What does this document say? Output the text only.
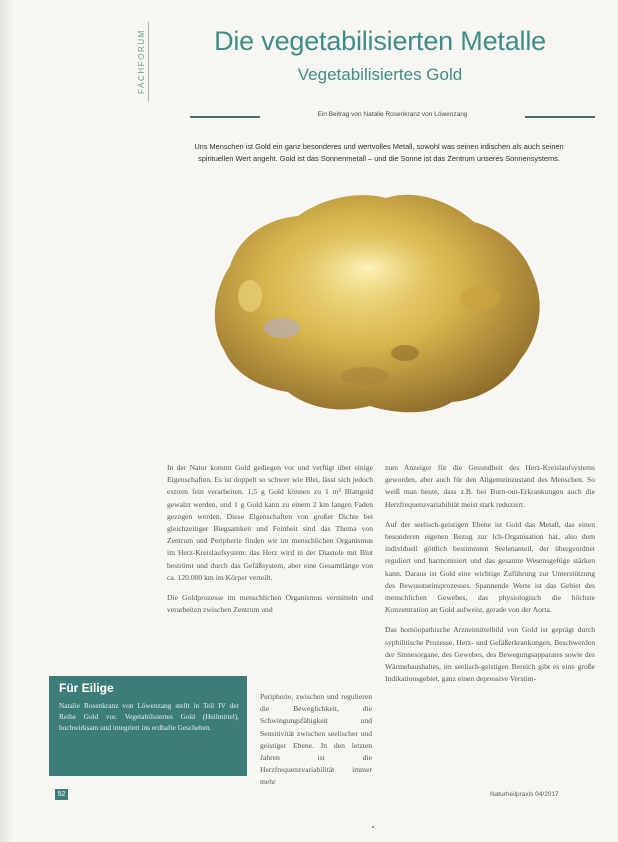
FACHFORUM	Die vegetabilisierten Metalle
Vegetabilisiertes Gold
Ein Beitrag von Natalie Rosenkranz von Löwenzang
Uns Menschen ist Gold ein ganz besonderes und wertvolles Metall, sowohl was seinen irdischen als auch seinen spirituellen Wert angeht. Gold ist das Sonnenmetall – und die Sonne ist das Zentrum unseres Sonnensystems.

In der Natur kommt Gold gediegen vor und verfügt über einige Eigenschaften. Es ist doppelt so schwer wie Blei, lässt sich jedoch extrem fein verarbeiten. 1,5 g Gold können zu 1 m² Blattgold gewalzt werden, und 1 g Gold kann zu einem 2 km langen Faden gezogen werden. Diese Eigenschaften von großer Dichte bei gleichzeitiger Biegsamkeit und Feinheit sind das Thema von Zentrum und Peripherie finden wir im menschlichen Organismus im Herz-Kreislaufsystem: das Herz wird in der Diastole mit Blut beströmt und durch das Gefäßsystem, aber eine Gesamtlänge von ca. 120.000 km im Körper verteilt.

Die Goldprozesse im menschlichen Organismus vermitteln und verarbeiten zwischen Zentrum und

Peripherie, zwischen und regulieren die Beweglichkeit, die Schwingungsfähigkeit und Sensitivität zwischen seelischer und geistiger Ebene. In den letzten Jahren ist die Herzfrequenzvariabilität immer mehr

zum Anzeiger für die Gesundheit des Herz-Kreislaufsystems geworden, aber auch für den Allgemeinzustand des Menschen. So weiß man heute, dass z.B. bei Burn-out-Erkrankungen auch die Herzfrequenzvariabilität meist stark reduziert.

Auf der seelisch-geistigen Ebene ist Gold das Metall, das einen besonderen eigenen Bezug zur Ich-Organisation hat, also dem individuell göttlich bestimmten Seelenanteil, der übergeordnet reguliert und harmonisiert und das gesamte Wesensgefüge stärken kann. Daraus ist Gold eine wichtige Zuführung zur Unterstützung des Bewusstseinsprozesses. Spannende Werte ist das Gebiet des menschlichen Gewebes, das physiologisch die höchste Konzentration an Gold aufweist, gerade von der Aorta.

Das homöopathische Arzneimittelbild von Gold ist geprägt durch syphilitische Prozesse, Herz- und Gefäßerkrankungen, Beschwerden der Sinnesorgane, des Gewebes, des Bewegungsapparates sowie des Wärmehaushaltes, im seelisch-geistigen Bereich gibt es eine große Indikationsgebiet, ganz einen depressive Verstim-

Für Eilige
Natalie Rosenkranz von Löwenzang stellt in Teil IV der Reihe Gold vor. Vegetabilisiertes Gold (Heilmittel), hochwirksam und integriert ins erdhafte Geschehen.
52	Naturheilpraxis 04/2017
